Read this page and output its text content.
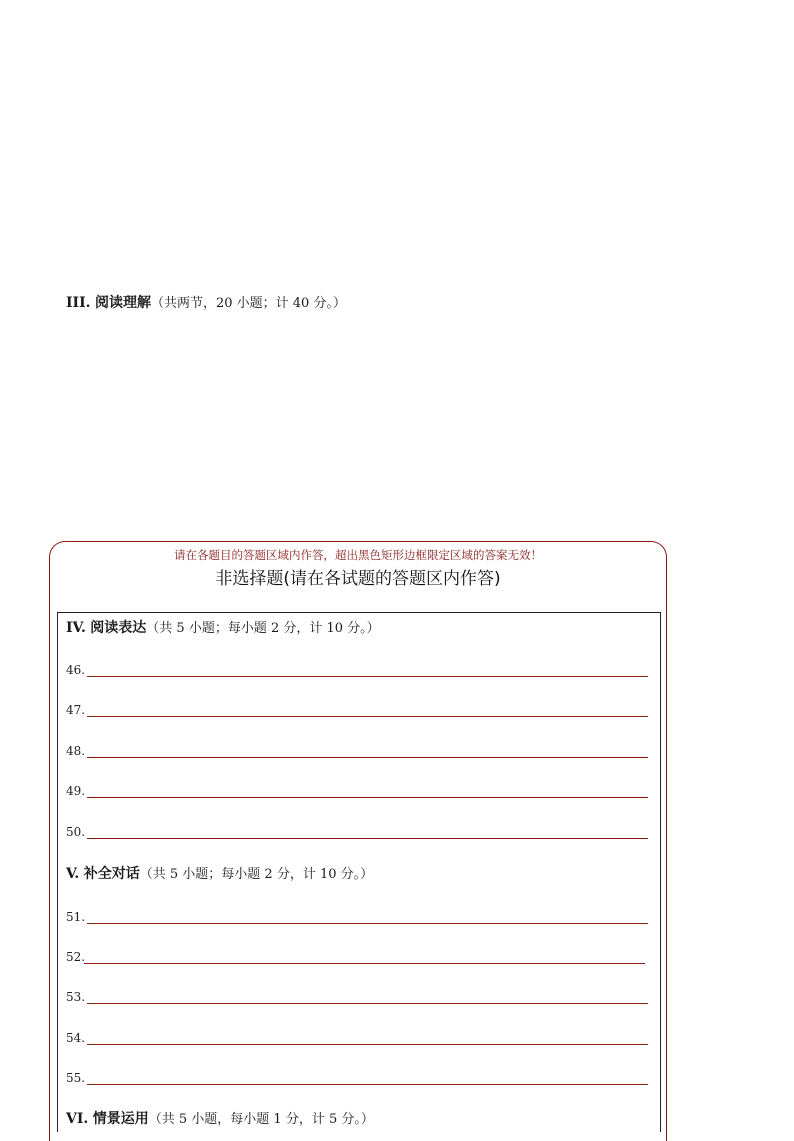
III. 阅读理解（共两节，20 小题；计 40 分。）
请在各题目的答题区域内作答，超出黑色矩形边框限定区域的答案无效！
非选择题(请在各试题的答题区内作答)
IV. 阅读表达（共 5 小题；每小题 2 分，计 10 分。）
46.
47.
48.
49.
50.
V. 补全对话（共 5 小题；每小题 2 分，计 10 分。）
51.
52.
53.
54.
55.
VI. 情景运用（共 5 小题，每小题 1 分，计 5 分。）
